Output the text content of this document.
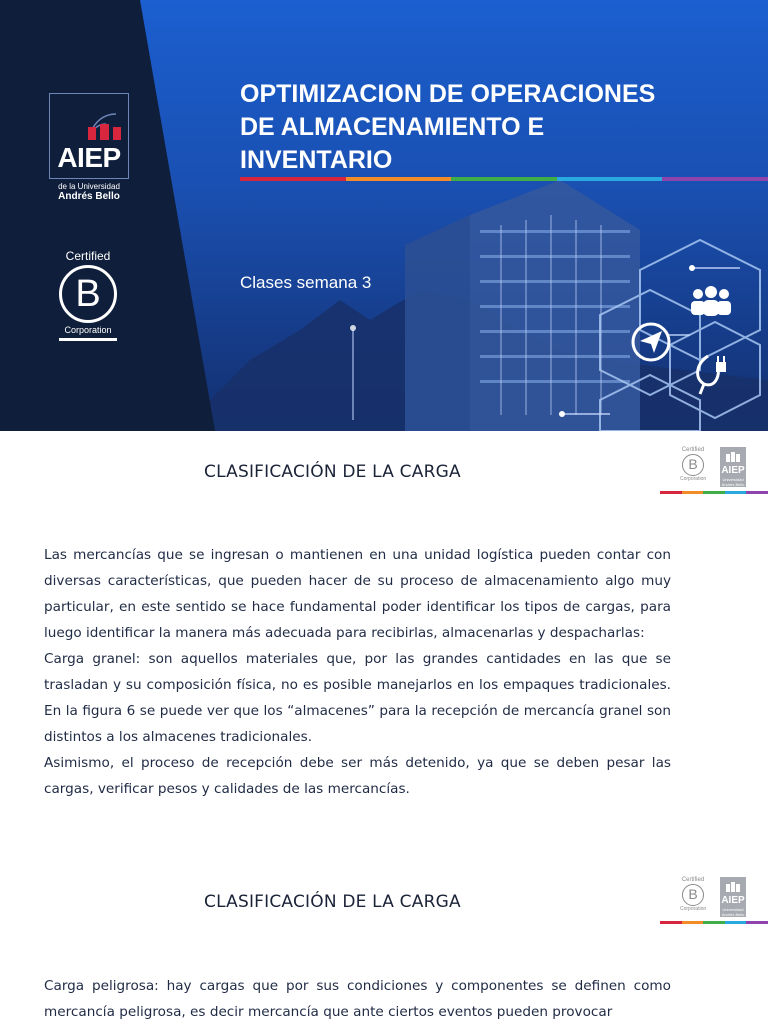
AIEP
de la Universidad
Andrés Bello
Certified
B
Corporation
OPTIMIZACION DE OPERACIONES
DE ALMACENAMIENTO E
INVENTARIO
Clases semana 3
CLASIFICACIÓN DE LA CARGA
Certified
B
Corporation
AIEP
Universidad Andrés Bello

Las mercancías que se ingresan o mantienen en una unidad logística pueden contar con diversas características, que pueden hacer de su proceso de almacenamiento algo muy particular, en este sentido se hace fundamental poder identificar los tipos de cargas, para luego identificar la manera más adecuada para recibirlas, almacenarlas y despacharlas:

Carga granel: son aquellos materiales que, por las grandes cantidades en las que se trasladan y su composición física, no es posible manejarlos en los empaques tradicionales. En la figura 6 se puede ver que los “almacenes” para la recepción de mercancía granel son distintos a los almacenes tradicionales.

Asimismo, el proceso de recepción debe ser más detenido, ya que se deben pesar las cargas, verificar pesos y calidades de las mercancías.

CLASIFICACIÓN DE LA CARGA
Certified
B
Corporation
AIEP
Universidad Andrés Bello

Carga peligrosa: hay cargas que por sus condiciones y componentes se definen como mercancía peligrosa, es decir mercancía que ante ciertos eventos pueden provocar
